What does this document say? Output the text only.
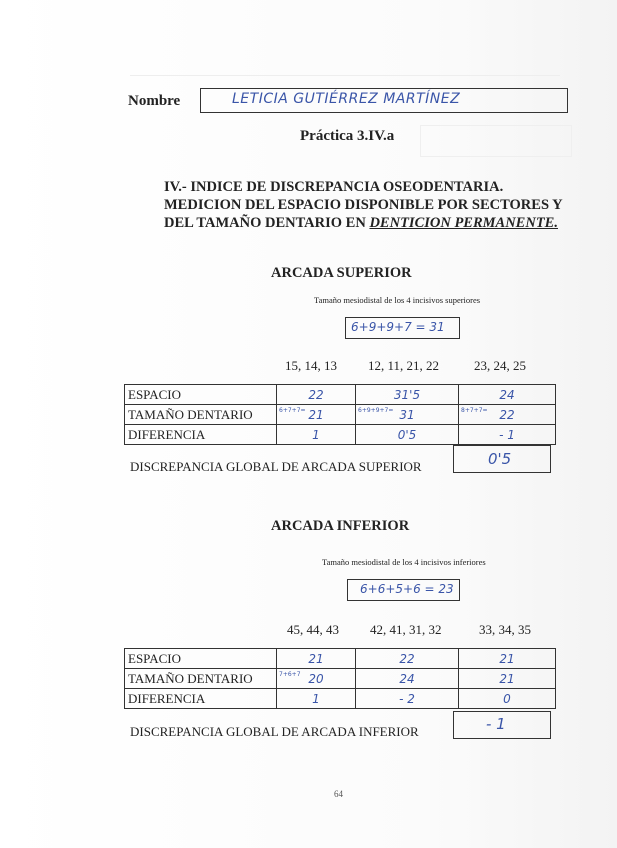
Nombre	LETICIA GUTIÉRREZ MARTÍNEZ
Práctica 3.IV.a
IV.- INDICE DE DISCREPANCIA OSEODENTARIA.
MEDICION DEL ESPACIO DISPONIBLE POR SECTORES Y
DEL TAMAÑO DENTARIO EN DENTICION PERMANENTE.
ARCADA SUPERIOR
Tamaño mesiodistal de los 4 incisivos superiores
6+9+9+7 = 31
15, 14, 13 12, 11, 21, 22	23, 24, 25
ESPACIO	22	31'5	24
TAMAÑO DENTARIO	6+7+7= 21	6+9+9+7= 31	8+7+7= 22
DIFERENCIA	1	0'5	- 1
DISCREPANCIA GLOBAL DE ARCADA SUPERIOR	0'5
ARCADA INFERIOR
Tamaño mesiodistal de los 4 incisivos inferiores
6+6+5+6 = 23
45, 44, 43 42, 41, 31, 32	33, 34, 35
ESPACIO	21	22	21
TAMAÑO DENTARIO	7+6+7 20	24	21
DIFERENCIA	1	- 2	0
DISCREPANCIA GLOBAL DE ARCADA INFERIOR	- 1
64
